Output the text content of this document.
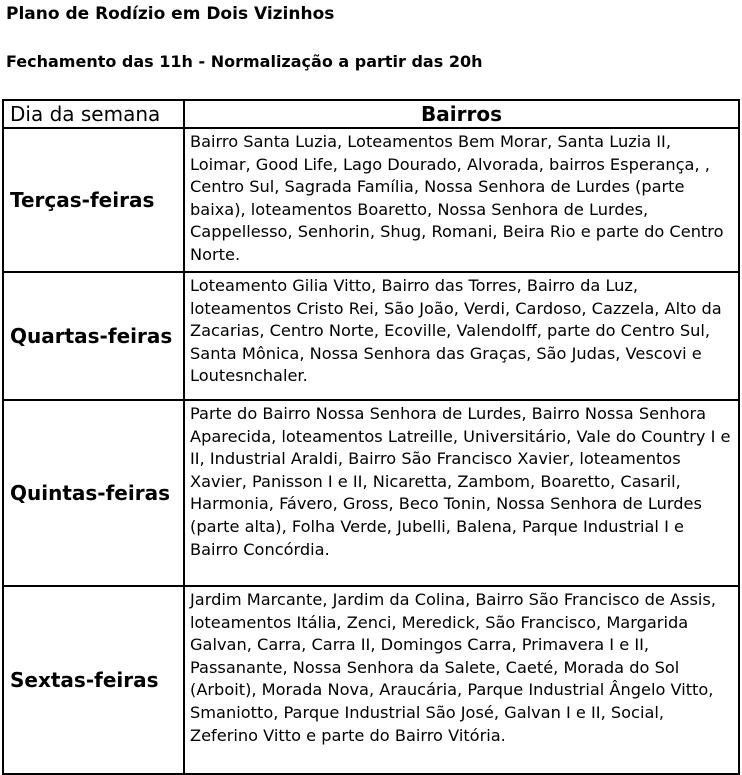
Plano de Rodízio em Dois Vizinhos
Fechamento das 11h - Normalização a partir das 20h
Dia da semana	Bairros
Terças-feiras	Bairro Santa Luzia, Loteamentos Bem Morar, Santa Luzia II, Loimar, Good Life, Lago Dourado, Alvorada, bairros Esperança, , Centro Sul, Sagrada Família, Nossa Senhora de Lurdes (parte baixa), loteamentos Boaretto, Nossa Senhora de Lurdes, Cappellesso, Senhorin, Shug, Romani, Beira Rio e parte do Centro Norte.
Quartas-feiras	Loteamento Gilia Vitto, Bairro das Torres, Bairro da Luz, loteamentos Cristo Rei, São João, Verdi, Cardoso, Cazzela, Alto da Zacarias, Centro Norte, Ecoville, Valendolff, parte do Centro Sul, Santa Mônica, Nossa Senhora das Graças, São Judas, Vescovi e Loutesnchaler.
Quintas-feiras	Parte do Bairro Nossa Senhora de Lurdes, Bairro Nossa Senhora Aparecida, loteamentos Latreille, Universitário, Vale do Country I e II, Industrial Araldi, Bairro São Francisco Xavier, loteamentos Xavier, Panisson I e II, Nicaretta, Zambom, Boaretto, Casaril, Harmonia, Fávero, Gross, Beco Tonin, Nossa Senhora de Lurdes (parte alta), Folha Verde, Jubelli, Balena, Parque Industrial I e Bairro Concórdia.
Sextas-feiras	Jardim Marcante, Jardim da Colina, Bairro São Francisco de Assis, loteamentos Itália, Zenci, Meredick, São Francisco, Margarida Galvan, Carra, Carra II, Domingos Carra, Primavera I e II, Passanante, Nossa Senhora da Salete, Caeté, Morada do Sol (Arboit), Morada Nova, Araucária, Parque Industrial Ângelo Vitto, Smaniotto, Parque Industrial São José, Galvan I e II, Social, Zeferino Vitto e parte do Bairro Vitória.
